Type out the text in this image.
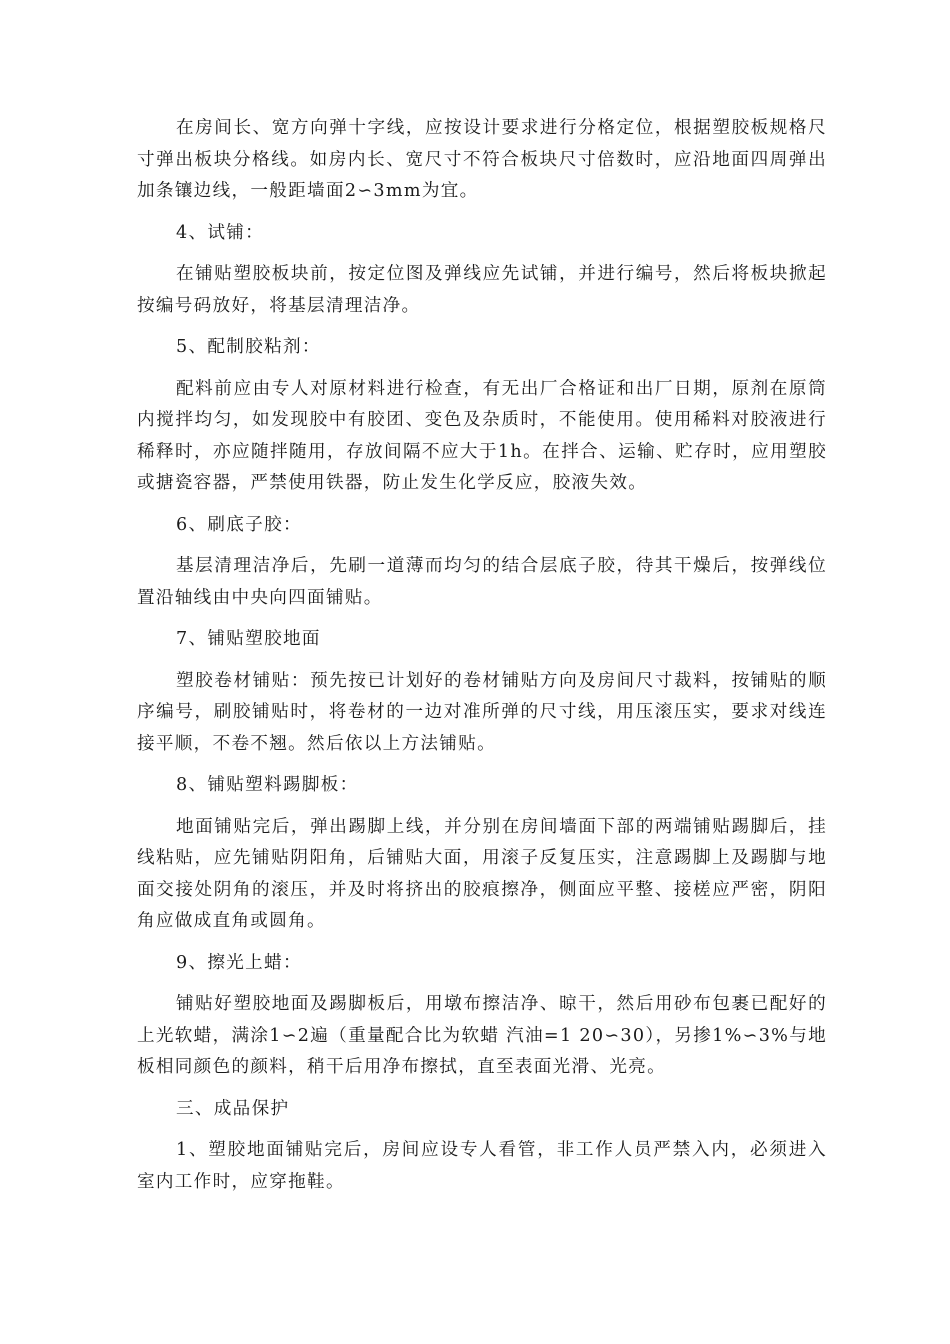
在房间长、宽方向弹十字线，应按设计要求进行分格定位，根据塑胶板规格尺寸弹出板块分格线。如房内长、宽尺寸不符合板块尺寸倍数时，应沿地面四周弹出加条镶边线，一般距墙面2∽3mm为宜。

4、试铺：

在铺贴塑胶板块前，按定位图及弹线应先试铺，并进行编号，然后将板块掀起按编号码放好，将基层清理洁净。

5、配制胶粘剂：

配料前应由专人对原材料进行检查，有无出厂合格证和出厂日期，原剂在原筒内搅拌均匀，如发现胶中有胶团、变色及杂质时，不能使用。使用稀料对胶液进行稀释时，亦应随拌随用，存放间隔不应大于1h。在拌合、运输、贮存时，应用塑胶或搪瓷容器，严禁使用铁器，防止发生化学反应，胶液失效。

6、刷底子胶：

基层清理洁净后，先刷一道薄而均匀的结合层底子胶，待其干燥后，按弹线位置沿轴线由中央向四面铺贴。

7、铺贴塑胶地面

塑胶卷材铺贴：预先按已计划好的卷材铺贴方向及房间尺寸裁料，按铺贴的顺序编号，刷胶铺贴时，将卷材的一边对准所弹的尺寸线，用压滚压实，要求对线连接平顺，不卷不翘。然后依以上方法铺贴。

8、铺贴塑料踢脚板：

地面铺贴完后，弹出踢脚上线，并分别在房间墙面下部的两端铺贴踢脚后，挂线粘贴，应先铺贴阴阳角，后铺贴大面，用滚子反复压实，注意踢脚上及踢脚与地面交接处阴角的滚压，并及时将挤出的胶痕擦净，侧面应平整、接槎应严密，阴阳角应做成直角或圆角。

9、擦光上蜡：

铺贴好塑胶地面及踢脚板后，用墩布擦洁净、晾干，然后用砂布包裹已配好的上光软蜡，满涂1∽2遍（重量配合比为软蜡 汽油=1 20∽30），另掺1%∽3%与地板相同颜色的颜料，稍干后用净布擦拭，直至表面光滑、光亮。

三、成品保护

1、塑胶地面铺贴完后，房间应设专人看管，非工作人员严禁入内，必须进入室内工作时，应穿拖鞋。
